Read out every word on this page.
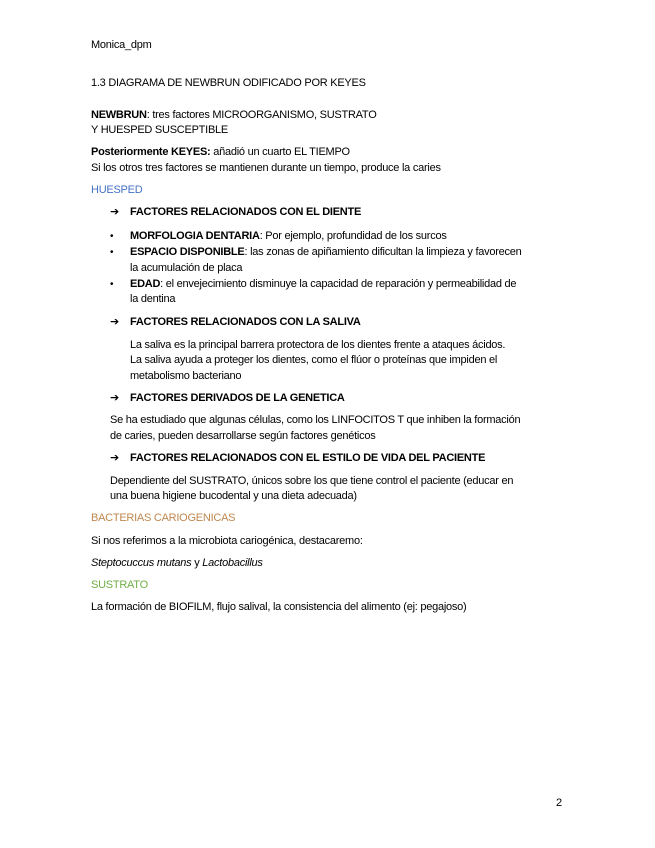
Monica_dpm
1.3 DIAGRAMA DE NEWBRUN ODIFICADO POR KEYES
NEWBRUN: tres factores MICROORGANISMO, SUSTRATO
Y HUESPED SUSCEPTIBLE
Posteriormente KEYES: añadió un cuarto EL TIEMPO
Si los otros tres factores se mantienen durante un tiempo, produce la caries
HUESPED
➔ FACTORES RELACIONADOS CON EL DIENTE
• MORFOLOGIA DENTARIA: Por ejemplo, profundidad de los surcos
• ESPACIO DISPONIBLE: las zonas de apiñamiento dificultan la limpieza y favorecen
la acumulación de placa
• EDAD: el envejecimiento disminuye la capacidad de reparación y permeabilidad de
la dentina
➔ FACTORES RELACIONADOS CON LA SALIVA
La saliva es la principal barrera protectora de los dientes frente a ataques ácidos.
La saliva ayuda a proteger los dientes, como el flúor o proteínas que impiden el
metabolismo bacteriano
➔ FACTORES DERIVADOS DE LA GENETICA
Se ha estudiado que algunas células, como los LINFOCITOS T que inhiben la formación
de caries, pueden desarrollarse según factores genéticos
➔ FACTORES RELACIONADOS CON EL ESTILO DE VIDA DEL PACIENTE
Dependiente del SUSTRATO, únicos sobre los que tiene control el paciente (educar en
una buena higiene bucodental y una dieta adecuada)
BACTERIAS CARIOGENICAS
Si nos referimos a la microbiota cariogénica, destacaremo:
Steptocuccus mutans y Lactobacillus
SUSTRATO
La formación de BIOFILM, flujo salival, la consistencia del alimento (ej: pegajoso)
2
